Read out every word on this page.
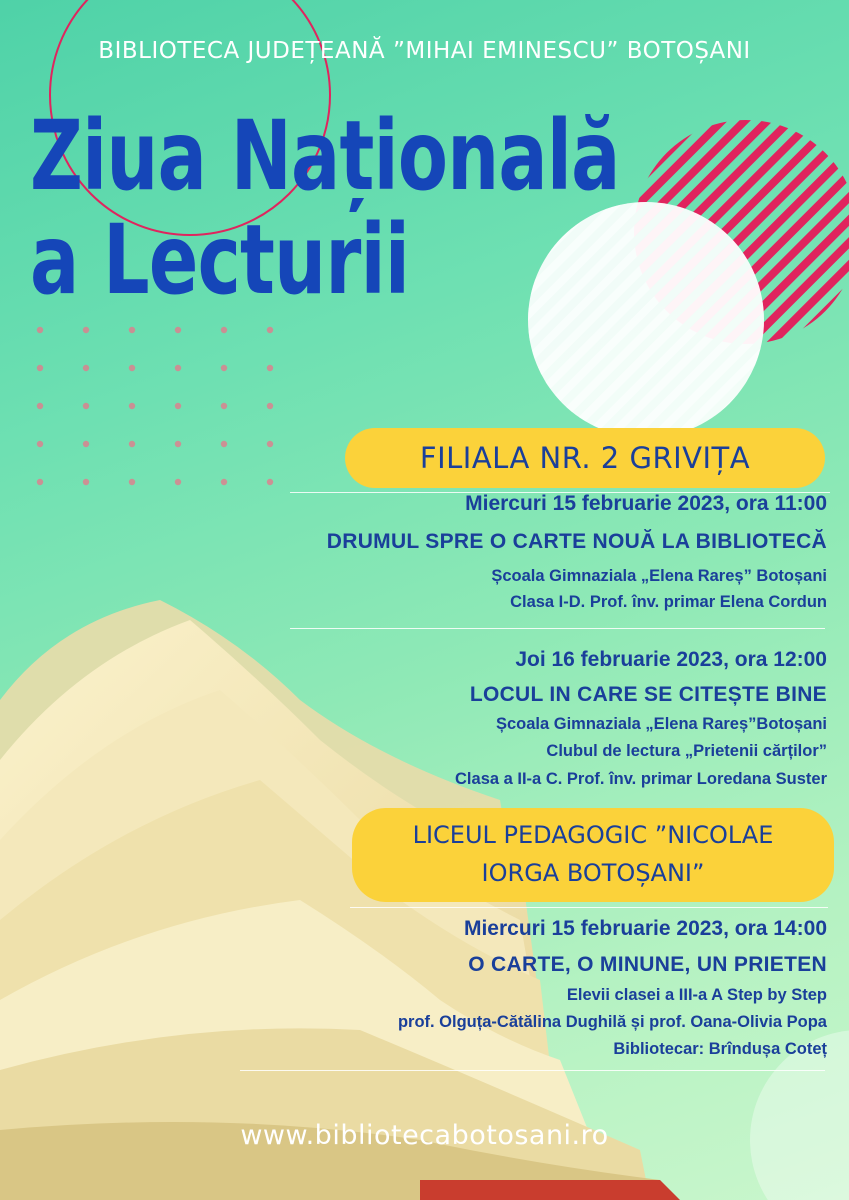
BIBLIOTECA JUDEȚEANĂ ”MIHAI EMINESCU” BOTOȘANI
Ziua Națională
a Lecturii
FILIALA NR. 2 GRIVIȚA
Miercuri 15 februarie 2023, ora 11:00
DRUMUL SPRE O CARTE NOUĂ LA BIBLIOTECĂ
Școala Gimnaziala „Elena Rareș” Botoșani
Clasa I-D. Prof. înv. primar Elena Cordun
Joi 16 februarie 2023, ora 12:00
LOCUL IN CARE SE CITEȘTE BINE
Școala Gimnaziala „Elena Rareș”Botoșani
Clubul de lectura „Prietenii cărților”
Clasa a II-a C. Prof. înv. primar Loredana Suster
LICEUL PEDAGOGIC ”NICOLAE
IORGA BOTOȘANI”
Miercuri 15 februarie 2023, ora 14:00
O CARTE, O MINUNE, UN PRIETEN
Elevii clasei a III-a A Step by Step
prof. Olguța-Cătălina Dughilă și prof. Oana-Olivia Popa
Bibliotecar: Brîndușa Coteț
www.bibliotecabotosani.ro
